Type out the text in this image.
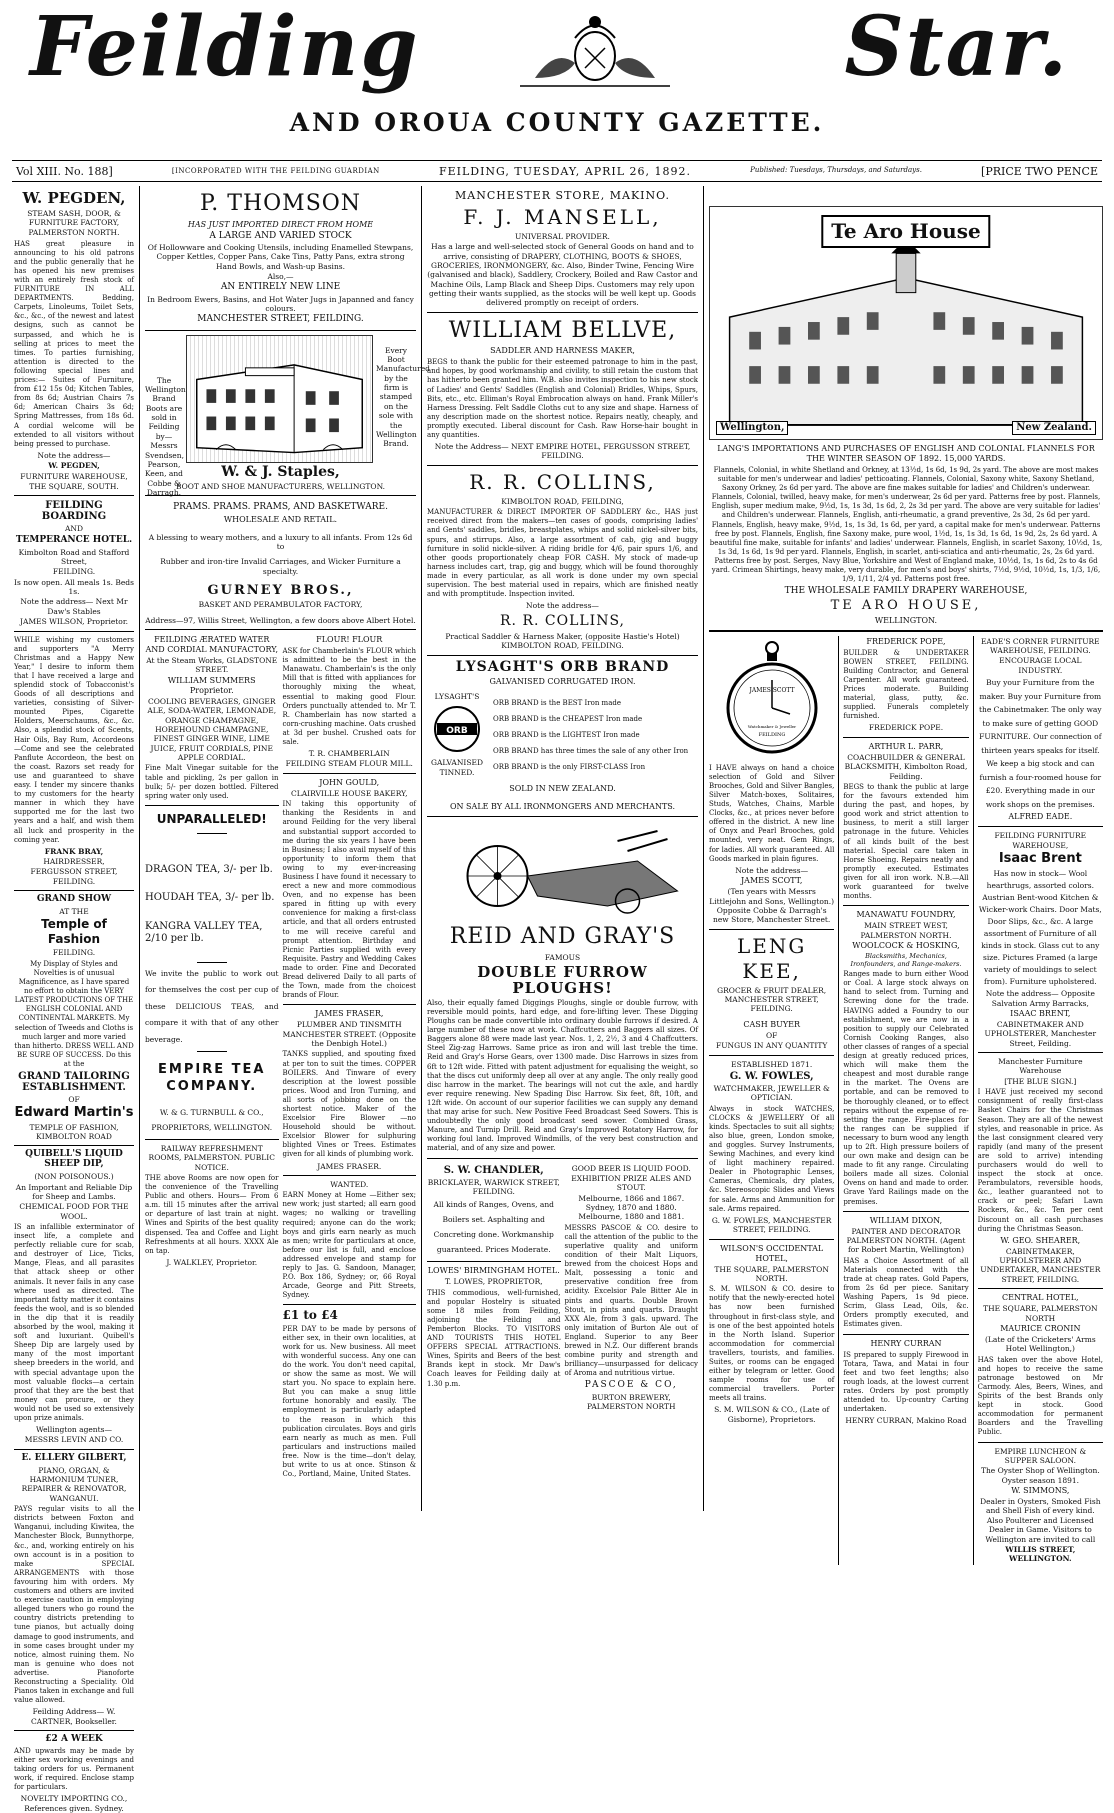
Feilding	Star.
AND OROUA COUNTY GAZETTE.
Vol XIII. No. 188]	[INCORPORATED WITH THE FEILDING GUARDIAN	FEILDING, TUESDAY, APRIL 26, 1892.	Published: Tuesdays, Thursdays, and Saturdays.	[PRICE TWO PENCE
W. PEGDEN,
STEAM SASH, DOOR, & FURNITURE FACTORY,
PALMERSTON NORTH.
HAS great pleasure in announcing to his old patrons and the public generally that he has opened his new premises with an entirely fresh stock of FURNITURE IN ALL DEPARTMENTS. Bedding, Carpets, Linoleums, Toilet Sets, &c., &c., of the newest and latest designs, such as cannot be surpassed, and which he is selling at prices to meet the times. To parties furnishing, attention is directed to the following special lines and prices:— Suites of Furniture, from £12 15s 0d; Kitchen Tables, from 8s 6d; Austrian Chairs 7s 6d; American Chairs 3s 6d; Spring Mattresses, from 18s 6d. A cordial welcome will be extended to all visitors without being pressed to purchase.
Note the address—
W. PEGDEN,
FURNITURE WAREHOUSE,
THE SQUARE, SOUTH.
FEILDING BOARDING
AND
TEMPERANCE HOTEL.
Kimbolton Road and Stafford Street,
FEILDING.
Is now open. All meals 1s. Beds 1s.
Note the address— Next Mr Daw's Stables
JAMES WILSON, Proprietor.
WHILE wishing my customers and supporters "A Merry Christmas and a Happy New Year," I desire to inform them that I have received a large and splendid stock of Tobacconist's Goods of all descriptions and varieties, consisting of Silver-mounted Pipes, Cigarette Holders, Meerschaums, &c., &c. Also, a splendid stock of Scents, Hair Oils, Bay Rum, Accordeons—Come and see the celebrated Panflute Accordeon, the best on the coast. Razors set ready for use and guaranteed to shave easy. I tender my sincere thanks to my customers for the hearty manner in which they have supported me for the last two years and a half, and wish them all luck and prosperity in the coming year.
FRANK BRAY,
HAIRDRESSER,
FERGUSSON STREET, FEILDING.
GRAND SHOW
AT THE
Temple of Fashion
FEILDING.
My Display of Styles and Novelties is of unusual Magnificence, as I have spared no effort to obtain the VERY LATEST PRODUCTIONS OF THE ENGLISH COLONIAL AND CONTINENTAL MARKETS. My selection of Tweeds and Cloths is much larger and more varied than hitherto. DRESS WELL AND BE SURE OF SUCCESS. Do this at the
GRAND TAILORING ESTABLISHMENT.
OF
Edward Martin's
TEMPLE OF FASHION, KIMBOLTON ROAD
QUIBELL'S LIQUID SHEEP DIP,
(NON POISONOUS.)
An Important and Reliable Dip for Sheep and Lambs.
CHEMICAL FOOD FOR THE WOOL.
IS an infallible exterminator of insect life, a complete and perfectly reliable cure for scab, and destroyer of Lice, Ticks, Mange, Fleas, and all parasites that attack sheep or other animals. It never fails in any case where used as directed. The important fatty matter it contains feeds the wool, and is so blended in the dip that it is readily absorbed by the wool, making it soft and luxuriant. Quibell's Sheep Dip are largely used by many of the most important sheep breeders in the world, and with special advantage upon the most valuable flocks—a certain proof that they are the best that money can procure, or they would not be used so extensively upon prize animals.
Wellington agents—
MESSRS LEVIN AND CO.
E. ELLERY GILBERT,
PIANO, ORGAN, & HARMONIUM TUNER, REPAIRER & RENOVATOR, WANGANUI.
PAYS regular visits to all the districts between Foxton and Wanganui, including Kiwitea, the Manchester Block, Bunnythorpe, &c., and, working entirely on his own account is in a position to make SPECIAL ARRANGEMENTS with those favouring him with orders. My customers and others are invited to exercise caution in employing alleged tuners who go round the country districts pretending to tune pianos, but actually doing damage to good instruments, and in some cases brought under my notice, almost ruining them. No man is genuine who does not advertise. Pianoforte Reconstructing a Speciality. Old Pianos taken in exchange and full value allowed.
Feilding Address— W. CARTNER, Bookseller.
£2 A WEEK
AND upwards may be made by either sex working evenings and taking orders for us. Permanent work, if required. Enclose stamp for particulars.
NOVELTY IMPORTING CO., References given. Sydney.
P. THOMSON
HAS JUST IMPORTED DIRECT FROM HOME
A LARGE AND VARIED STOCK
Of Hollowware and Cooking Utensils, including Enamelled Stewpans, Copper Kettles, Copper Pans, Cake Tins, Patty Pans, extra strong Hand Bowls, and Wash-up Basins.
Also,—
AN ENTIRELY NEW LINE
In Bedroom Ewers, Basins, and Hot Water Jugs in Japanned and fancy colours.
MANCHESTER STREET, FEILDING.
The Wellington Brand Boots are sold in Feilding by— Messrs Svendsen, Pearson, Keen, and Cobbe & Darragh.
Every Boot Manufactured by the firm is stamped on the sole with the Wellington Brand.
W. & J. Staples,
BOOT AND SHOE MANUFACTURERS, WELLINGTON.
PRAMS. PRAMS. PRAMS, AND BASKETWARE.
WHOLESALE AND RETAIL.
A blessing to weary mothers, and a luxury to all infants. From 12s 6d to
Rubber and iron-tire Invalid Carriages, and Wicker Furniture a specialty.
GURNEY BROS.,
BASKET AND PERAMBULATOR FACTORY,
Address—97, Willis Street, Wellington, a few doors above Albert Hotel.
FEILDING ÆRATED WATER AND CORDIAL MANUFACTORY,
At the Steam Works, GLADSTONE STREET.
WILLIAM SUMMERS Proprietor.
COOLING BEVERAGES, GINGER ALE, SODA-WATER, LEMONADE, ORANGE CHAMPAGNE, HOREHOUND CHAMPAGNE, FINEST GINGER WINE, LIME JUICE, FRUIT CORDIALS, PINE APPLE CORDIAL.
Fine Malt Vinegar suitable for the table and pickling, 2s per gallon in bulk; 5/- per dozen bottled. Filtered spring water only used.
UNPARALLELED!
DRAGON TEA, 3/- per lb.
HOUDAH TEA, 3/- per lb.
KANGRA VALLEY TEA, 2/10 per lb.
We invite the public to work out for themselves the cost per cup of these DELICIOUS TEAS, and compare it with that of any other beverage.
EMPIRE TEA COMPANY.
W. & G. TURNBULL & CO., PROPRIETORS, WELLINGTON.
RAILWAY REFRESHMENT ROOMS, PALMERSTON. PUBLIC NOTICE.
THE above Rooms are now open for the convenience of the Travelling Public and others. Hours— From 6 a.m. till 15 minutes after the arrival or departure of last train at night. Wines and Spirits of the best quality dispensed. Tea and Coffee and Light Refreshments at all hours. XXXX Ale on tap.
J. WALKLEY, Proprietor.
FLOUR! FLOUR
ASK for Chamberlain's FLOUR which is admitted to be the best in the Manawatu. Chamberlain's is the only Mill that is fitted with appliances for thoroughly mixing the wheat, essential to making good Flour. Orders punctually attended to. Mr T. R. Chamberlain has now started a corn-crushing machine. Oats crushed at 3d per bushel. Crushed oats for sale.
T. R. CHAMBERLAIN
FEILDING STEAM FLOUR MILL.
JOHN GOULD,
CLAIRVILLE HOUSE BAKERY,
IN taking this opportunity of thanking the Residents in and around Feilding for the very liberal and substantial support accorded to me during the six years I have been in Business; I also avail myself of this opportunity to inform them that owing to my ever-increasing Business I have found it necessary to erect a new and more commodious Oven, and no expense has been spared in fitting up with every convenience for making a first-class article, and that all orders entrusted to me will receive careful and prompt attention. Birthday and Picnic Parties supplied with every Requisite. Pastry and Wedding Cakes made to order. Fine and Decorated Bread delivered Daily to all parts of the Town, made from the choicest brands of Flour.
JAMES FRASER,
PLUMBER AND TINSMITH MANCHESTER STREET. (Opposite the Denbigh Hotel.)
TANKS supplied, and spouting fixed at per ton to suit the times. COPPER BOILERS. And Tinware of every description at the lowest possible prices. Wood and Iron Turning, and all sorts of jobbing done on the shortest notice. Maker of the Excelsior Fire Blower —no Household should be without. Excelsior Blower for sulphuring blighted Vines or Trees. Estimates given for all kinds of plumbing work.
JAMES FRASER.
WANTED.
EARN Money at Home —Either sex; new work; just started; all earn good wages; no walking or travelling required; anyone can do the work; boys and girls earn nearly as much as men; write for particulars at once, before our list is full, and enclose addressed envelope and stamp for reply to Jas. G. Sandoon, Manager, P.O. Box 186, Sydney; or, 66 Royal Arcade, George and Pitt Streets, Sydney.
£1 to £4
PER DAY to be made by persons of either sex, in their own localities, at work for us. New business. All meet with wonderful success. Any one can do the work. You don't need capital, or show the same as most. We will start you. No space to explain here. But you can make a snug little fortune honorably and easily. The employment is particularly adapted to the reason in which this publication circulates. Boys and girls earn nearly as much as men. Full particulars and instructions mailed free. Now is the time—don't delay, but write to us at once. Stinson & Co., Portland, Maine, United States.
MANCHESTER STORE, MAKINO.
F. J. MANSELL,
UNIVERSAL PROVIDER.
Has a large and well-selected stock of General Goods on hand and to arrive, consisting of DRAPERY, CLOTHING, BOOTS & SHOES, GROCERIES, IRONMONGERY, &c. Also, Binder Twine, Fencing Wire (galvanised and black), Saddlery, Crockery, Boiled and Raw Castor and Machine Oils, Lamp Black and Sheep Dips. Customers may rely upon getting their wants supplied, as the stocks will be well kept up. Goods delivered promptly on receipt of orders.
WILLIAM BELLVE,
SADDLER AND HARNESS MAKER,
BEGS to thank the public for their esteemed patronage to him in the past, and hopes, by good workmanship and civility, to still retain the custom that has hitherto been granted him. W.B. also invites inspection to his new stock of Ladies' and Gents' Saddles (English and Colonial) Bridles, Whips, Spurs, Bits, etc., etc. Elliman's Royal Embrocation always on hand. Frank Miller's Harness Dressing. Felt Saddle Cloths cut to any size and shape. Harness of any description made on the shortest notice. Repairs neatly, cheaply, and promptly executed. Liberal discount for Cash. Raw Horse-hair bought in any quantities.
Note the Address— NEXT EMPIRE HOTEL, FERGUSSON STREET, FEILDING.
R. R. COLLINS,
KIMBOLTON ROAD, FEILDING,
MANUFACTURER & DIRECT IMPORTER OF SADDLERY &c., HAS just received direct from the makers—ten cases of goods, comprising ladies' and Gents' saddles, bridles, breastplates, whips and solid nickel-silver bits, spurs, and stirrups. Also, a large assortment of cab, gig and buggy furniture in solid nickle-silver. A riding bridle for 4/6, pair spurs 1/6, and other goods proportionately cheap FOR CASH. My stock of made-up harness includes cart, trap, gig and buggy, which will be found thoroughly made in every particular, as all work is done under my own special supervision. The best material used in repairs, which are finished neatly and with promptitude. Inspection invited.
Note the address—
R. R. COLLINS,
Practical Saddler & Harness Maker, (opposite Hastie's Hotel) KIMBOLTON ROAD, FEILDING.
LYSAGHT'S ORB BRAND
GALVANISED CORRUGATED IRON.
LYSAGHT'S
ORB
GALVANISED TINNED.
ORB BRAND is the BEST Iron made
ORB BRAND is the CHEAPEST Iron made
ORB BRAND is the LIGHTEST Iron made
ORB BRAND has three times the sale of any other Iron
ORB BRAND is the only FIRST-CLASS Iron
SOLD IN NEW ZEALAND.
ON SALE BY ALL IRONMONGERS AND MERCHANTS.
REID AND GRAY'S
FAMOUS
DOUBLE FURROW PLOUGHS!
Also, their equally famed Diggings Ploughs, single or double furrow, with reversible mould points, hard edge, and fore-lifting lever. These Digging Ploughs can be made convertible into ordinary double furrows if desired. A large number of these now at work. Chaffcutters and Baggers all sizes. Of Baggers alone 88 were made last year. Nos. 1, 2, 2½, 3 and 4 Chaffcutters. Steel Zig-zag Harrows. Same price as iron and will last treble the time. Reid and Gray's Horse Gears, over 1300 made. Disc Harrows in sizes from 6ft to 12ft wide. Fitted with patent adjustment for equalising the weight, so that the discs cut uniformly deep all over at any angle. The only really good disc harrow in the market. The bearings will not cut the axle, and hardly ever require renewing. New Spading Disc Harrow. Six feet, 8ft, 10ft, and 12ft wide. On account of our superior facilities we can supply any demand that may arise for such. New Positive Feed Broadcast Seed Sowers. This is undoubtedly the only good broadcast seed sower. Combined Grass, Manure, and Turnip Drill. Reid and Gray's Improved Rotatory Harrow, for working foul land. Improved Windmills, of the very best construction and material, and of any size and power.
S. W. CHANDLER,
BRICKLAYER, WARWICK STREET, FEILDING.
All kinds of Ranges, Ovens, and Boilers set. Asphalting and Concreting done. Workmanship guaranteed. Prices Moderate.
LOWES' BIRMINGHAM HOTEL.
T. LOWES, PROPRIETOR,
THIS commodious, well-furnished, and popular Hostelry is situated some 18 miles from Feilding, adjoining the Feilding and Pemberton Blocks. TO VISITORS AND TOURISTS THIS HOTEL OFFERS SPECIAL ATTRACTIONS. Wines, Spirits and Beers of the best Brands kept in stock. Mr Daw's Coach leaves for Feilding daily at 1.30 p.m.
GOOD BEER IS LIQUID FOOD.
EXHIBITION PRIZE ALES AND STOUT.
Melbourne, 1866 and 1867. Sydney, 1870 and 1880. Melbourne, 1880 and 1881.
MESSRS PASCOE & CO. desire to call the attention of the public to the superlative quality and uniform condition of their Malt Liquors, brewed from the choicest Hops and Malt, possessing a tonic and preservative condition free from acidity. Excelsior Pale Bitter Ale in pints and quarts. Double Brown Stout, in pints and quarts. Draught XXX Ale, from 3 gals. upward. The only imitation of Burton Ale out of England. Superior to any Beer brewed in N.Z. Our different brands combine purity and strength and brilliancy—unsurpassed for delicacy of Aroma and nutritious virtue.
PASCOE & CO,
BURTON BREWERY, PALMERSTON NORTH
Te Aro House
Wellington,	New Zealand.
LANG'S IMPORTATIONS AND PURCHASES OF ENGLISH AND COLONIAL FLANNELS FOR THE WINTER SEASON OF 1892. 15,000 YARDS.
Flannels, Colonial, in white Shetland and Orkney, at 13½d, 1s 6d, 1s 9d, 2s yard. The above are most makes suitable for men's underwear and ladies' petticoating. Flannels, Colonial, Saxony white, Saxony Shetland, Saxony Orkney, 2s 6d per yard. The above are fine makes suitable for ladies' and Children's underwear. Flannels, Colonial, twilled, heavy make, for men's underwear, 2s 6d per yard. Patterns free by post. Flannels, English, super medium make, 9½d, 1s, 1s 3d, 1s 6d, 2, 2s 3d per yard. The above are very suitable for ladies' and Children's underwear. Flannels, English, anti-rheumatic, a grand preventive, 2s 3d, 2s 6d per yard. Flannels, English, heavy make, 9½d, 1s, 1s 3d, 1s 6d, per yard, a capital make for men's underwear. Patterns free by post. Flannels, English, fine Saxony make, pure wool, 1½d, 1s, 1s 3d, 1s 6d, 1s 9d, 2s, 2s 6d yard. A beautiful fine make, suitable for infants' and ladies' underwear. Flannels, English, in scarlet Saxony, 10½d, 1s, 1s 3d, 1s 6d, 1s 9d per yard. Flannels, English, in scarlet, anti-sciatica and anti-rheumatic, 2s, 2s 6d yard. Patterns free by post. Serges, Navy Blue, Yorkshire and West of England make, 10½d, 1s, 1s 6d, 2s to 4s 6d yard. Crimean Shirtings, heavy make, very durable, for men's and boys' shirts, 7½d, 9½d, 10½d, 1s, 1/3, 1/6, 1/9, 1/11, 2/4 yd. Patterns post free.
THE WHOLESALE FAMILY DRAPERY WAREHOUSE,
TE ARO HOUSE,
WELLINGTON.
JAMES SCOTT
Watchmaker & Jeweller
FEILDING
I HAVE always on hand a choice selection of Gold and Silver Brooches, Gold and Silver Bangles, Silver Match-boxes, Solitaires, Studs, Watches, Chains, Marble Clocks, &c., at prices never before offered in the district. A new line of Onyx and Pearl Brooches, gold mounted, very neat. Gem Rings, for ladies. All work guaranteed. All Goods marked in plain figures.
Note the address—
JAMES SCOTT,
(Ten years with Messrs Littlejohn and Sons, Wellington.) Opposite Cobbe & Darragh's new Store, Manchester Street.
LENG KEE,
GROCER & FRUIT DEALER, MANCHESTER STREET, FEILDING.
CASH BUYER
OF
FUNGUS IN ANY QUANTITY
ESTABLISHED 1871.
G. W. FOWLES,
WATCHMAKER, JEWELLER & OPTICIAN.
Always in stock WATCHES, CLOCKS & JEWELLERY Of all kinds. Spectacles to suit all sights; also blue, green, London smoke, and goggles. Survey Instruments, Sewing Machines, and every kind of light machinery repaired. Dealer in Photographic Lenses, Cameras, Chemicals, dry plates, &c. Stereoscopic Slides and Views for sale. Arms and Ammunition for sale. Arms repaired.
G. W. FOWLES, MANCHESTER STREET, FEILDING.
WILSON'S OCCIDENTAL HOTEL,
THE SQUARE, PALMERSTON NORTH.
S. M. WILSON & CO. desire to notify that the newly-erected hotel has now been furnished throughout in first-class style, and is one of the best appointed hotels in the North Island. Superior accommodation for commercial travellers, tourists, and families. Suites, or rooms can be engaged either by telegram or letter. Good sample rooms for use of commercial travellers. Porter meets all trains.
S. M. WILSON & CO., (Late of Gisborne), Proprietors.
FREDERICK POPE,
BUILDER & UNDERTAKER BOWEN STREET, FEILDING. Building Contractor, and General Carpenter. All work guaranteed. Prices moderate. Building material, glass, putty, &c. supplied. Funerals completely furnished.
FREDERICK POPE.
ARTHUR L. PARR,
COACHBUILDER & GENERAL BLACKSMITH, Kimbolton Road, Feilding.
BEGS to thank the public at large for the favours extended him during the past, and hopes, by good work and strict attention to business, to merit a still larger patronage in the future. Vehicles of all kinds built of the best material. Special care taken in Horse Shoeing. Repairs neatly and promptly executed. Estimates given for all iron work. N.B.—All work guaranteed for twelve months.
MANAWATU FOUNDRY,
MAIN STREET WEST, PALMERSTON NORTH.
WOOLCOCK & HOSKING,
Blacksmiths, Mechanics, Ironfounders, and Range-makers.
Ranges made to burn either Wood or Coal. A large stock always on hand to select from. Turning and Screwing done for the trade. HAVING added a Foundry to our establishment, we are now in a position to supply our Celebrated Cornish Cooking Ranges, also other classes of ranges of a special design at greatly reduced prices, which will make them the cheapest and most durable range in the market. The Ovens are portable, and can be removed to be thoroughly cleaned, or to effect repairs without the expense of re-setting the range. Fire-places for the ranges can be supplied if necessary to burn wood any length up to 2ft. High pressure boilers of our own make and design can be made to fit any range. Circulating boilers made all sizes. Colonial Ovens on hand and made to order. Grave Yard Railings made on the premises.
WILLIAM DIXON,
PAINTER AND DECORATOR PALMERSTON NORTH. (Agent for Robert Martin, Wellington)
HAS a Choice Assortment of all Materials connected with the trade at cheap rates. Gold Papers, from 2s 6d per piece. Sanitary Washing Papers, 1s 9d piece. Scrim, Glass Lead, Oils, &c. Orders promptly executed, and Estimates given.
HENRY CURRAN
IS prepared to supply Firewood in Totara, Tawa, and Matai in four feet and two feet lengths; also rough loads, at the lowest current rates. Orders by post promptly attended to. Up-country Carting undertaken.
HENRY CURRAN, Makino Road
EADE'S CORNER FURNITURE WAREHOUSE, FEILDING.
ENCOURAGE LOCAL INDUSTRY.
Buy your Furniture from the maker. Buy your Furniture from the Cabinetmaker. The only way to make sure of getting GOOD FURNITURE. Our connection of thirteen years speaks for itself. We keep a big stock and can furnish a four-roomed house for £20. Everything made in our work shops on the premises.
ALFRED EADE.
FEILDING FURNITURE WAREHOUSE,
Isaac Brent
Has now in stock— Wool hearthrugs, assorted colors. Austrian Bent-wood Kitchen & Wicker-work Chairs. Door Mats, Door Slips, &c., &c. A large assortment of Furniture of all kinds in stock. Glass cut to any size. Pictures Framed (a large variety of mouldings to select from). Furniture upholstered.
Note the address— Opposite Salvation Army Barracks,
ISAAC BRENT,
CABINETMAKER AND UPHOLSTERER, Manchester Street, Feilding.
Manchester Furniture Warehouse
[THE BLUE SIGN.]
I HAVE just received my second consignment of really first-class Basket Chairs for the Christmas Season. They are all of the newest styles, and reasonable in price. As the last consignment cleared very rapidly (and many of the present are sold to arrive) intending purchasers would do well to inspect the stock at once. Perambulators, reversible hoods, &c., leather guaranteed not to crack or peel; Safari Lawn Rockers, &c., &c. Ten per cent Discount on all cash purchases during the Christmas Season.
W. GEO. SHEARER,
CABINETMAKER, UPHOLSTERER AND UNDERTAKER, MANCHESTER STREET, FEILDING.
CENTRAL HOTEL,
THE SQUARE, PALMERSTON NORTH
MAURICE CRONIN
(Late of the Cricketers' Arms Hotel Wellington,)
HAS taken over the above Hotel, and hopes to receive the same patronage bestowed on Mr Carmody. Ales, Beers, Wines, and Spirits of the best Brands only kept in stock. Good accommodation for permanent Boarders and the Travelling Public.
EMPIRE LUNCHEON & SUPPER SALOON.
The Oyster Shop of Wellington. Oyster season 1891.
W. SIMMONS,
Dealer in Oysters, Smoked Fish and Shell Fish of every kind. Also Poulterer and Licensed Dealer in Game. Visitors to Wellington are invited to call
WILLIS STREET, WELLINGTON.
